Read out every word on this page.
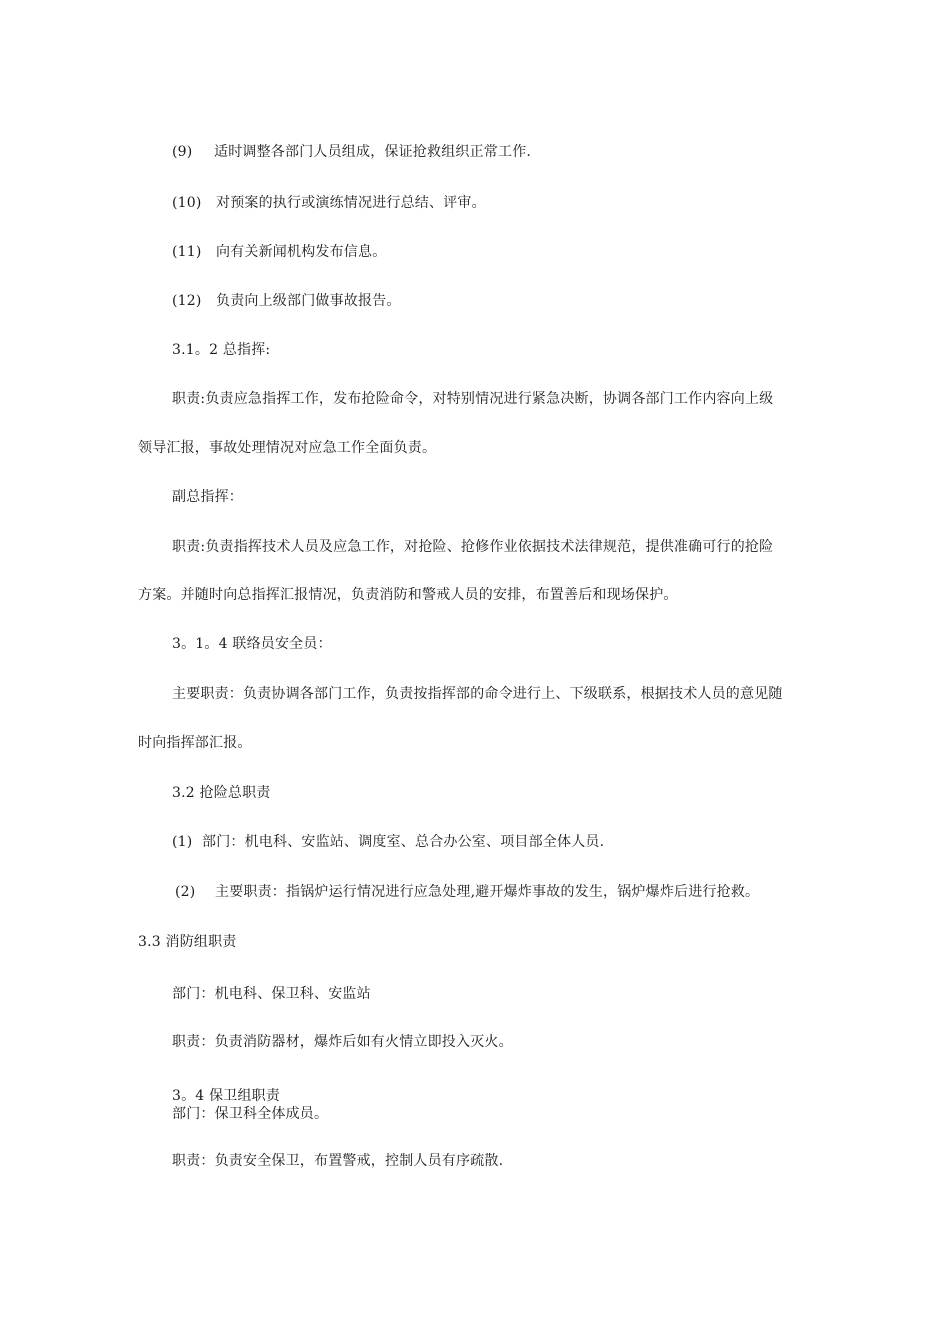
(9) 适时调整各部门人员组成，保证抢救组织正常工作.
(10) 对预案的执行或演练情况进行总结、评审。
(11) 向有关新闻机构发布信息。
(12) 负责向上级部门做事故报告。
3.1。2 总指挥:
职责:负责应急指挥工作，发布抢险命令，对特别情况进行紧急决断，协调各部门工作内容向上级
领导汇报，事故处理情况对应急工作全面负责。
副总指挥：
职责:负责指挥技术人员及应急工作，对抢险、抢修作业依据技术法律规范，提供准确可行的抢险
方案。并随时向总指挥汇报情况，负责消防和警戒人员的安排，布置善后和现场保护。
3。1。4 联络员安全员：
主要职责：负责协调各部门工作，负责按指挥部的命令进行上、下级联系，根据技术人员的意见随
时向指挥部汇报。
3.2 抢险总职责
(1) 部门：机电科、安监站、调度室、总合办公室、项目部全体人员.
(2) 主要职责：指锅炉运行情况进行应急处理,避开爆炸事故的发生，锅炉爆炸后进行抢救。
3.3 消防组职责
部门：机电科、保卫科、安监站
职责：负责消防器材，爆炸后如有火情立即投入灭火。
3。4 保卫组职责
部门：保卫科全体成员。
职责：负责安全保卫，布置警戒，控制人员有序疏散.
